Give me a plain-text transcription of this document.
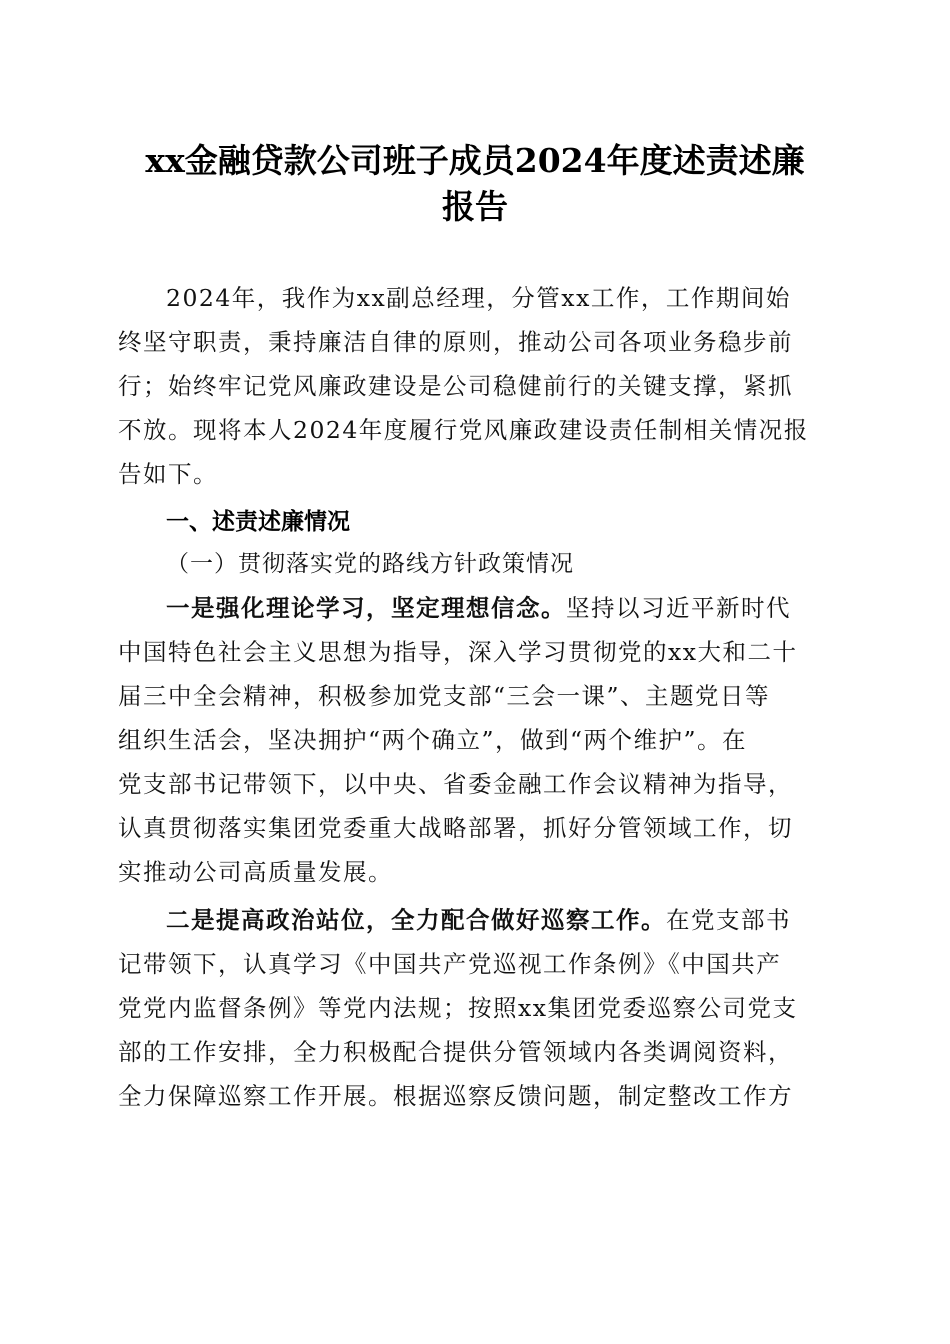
xx金融贷款公司班子成员2024年度述责述廉
报告
2024年，我作为xx副总经理，分管xx工作，工作期间始
终坚守职责，秉持廉洁自律的原则，推动公司各项业务稳步前
行；始终牢记党风廉政建设是公司稳健前行的关键支撑，紧抓
不放。现将本人2024年度履行党风廉政建设责任制相关情况报
告如下。
一、述责述廉情况
（一）贯彻落实党的路线方针政策情况
一是强化理论学习，坚定理想信念。坚持以习近平新时代
中国特色社会主义思想为指导，深入学习贯彻党的xx大和二十
届三中全会精神，积极参加党支部“三会一课”、主题党日等
组织生活会，坚决拥护“两个确立”，做到“两个维护”。在
党支部书记带领下，以中央、省委金融工作会议精神为指导，
认真贯彻落实集团党委重大战略部署，抓好分管领域工作，切
实推动公司高质量发展。
二是提高政治站位，全力配合做好巡察工作。在党支部书
记带领下，认真学习《中国共产党巡视工作条例》《中国共产
党党内监督条例》等党内法规；按照xx集团党委巡察公司党支
部的工作安排，全力积极配合提供分管领域内各类调阅资料，
全力保障巡察工作开展。根据巡察反馈问题，制定整改工作方
